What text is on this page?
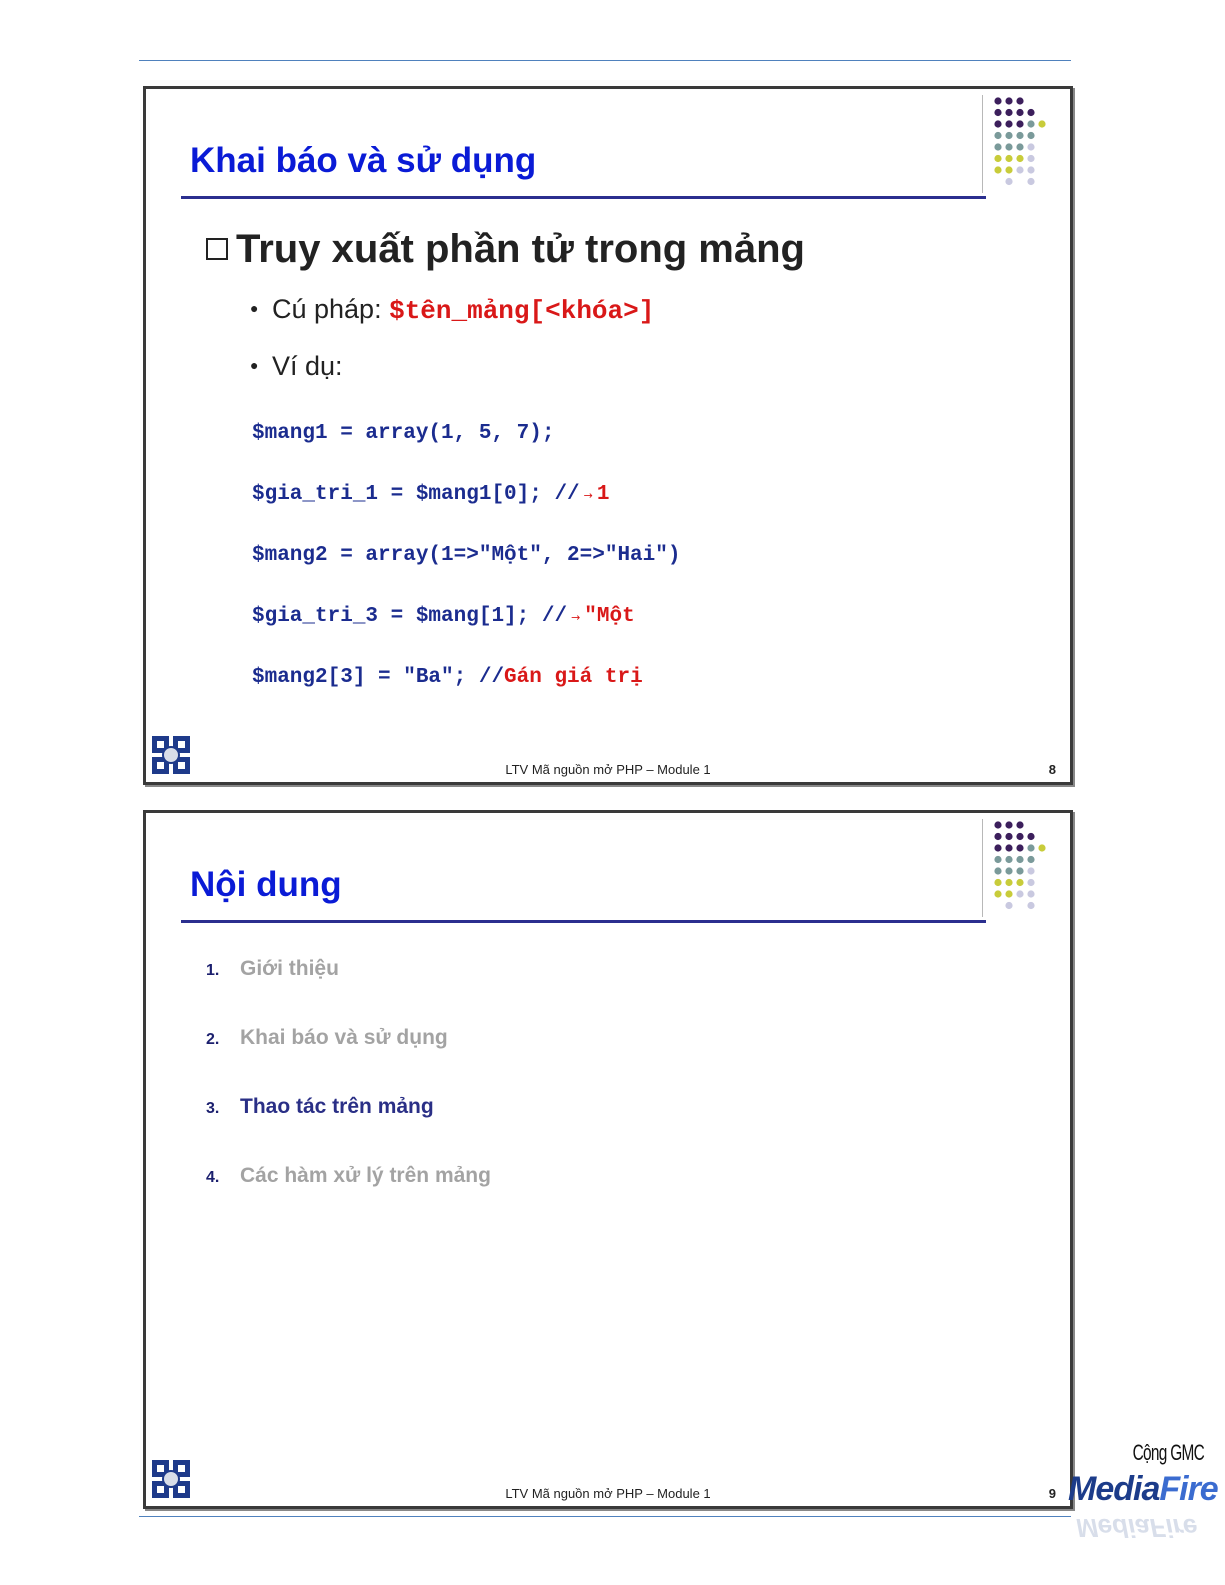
Khai báo và sử dụng
Truy xuất phần tử trong mảng
● Cú pháp: $tên_mảng[<khóa>]
● Ví dụ:
$mang1 = array(1, 5, 7);
$gia_tri_1 = $mang1[0]; // → 1
$mang2 = array(1=>"Một", 2=>"Hai")
$gia_tri_3 = $mang[1]; // → "Một
$mang2[3] = "Ba"; //Gán giá trị
LTV Mã nguồn mở PHP – Module 1	8
Nội dung
1. Giới thiệu
2. Khai báo và sử dụng
3. Thao tác trên mảng
4. Các hàm xử lý trên mảng
LTV Mã nguồn mở PHP – Module 1	9
Cộng GMC
MediaFire
MediaFire
